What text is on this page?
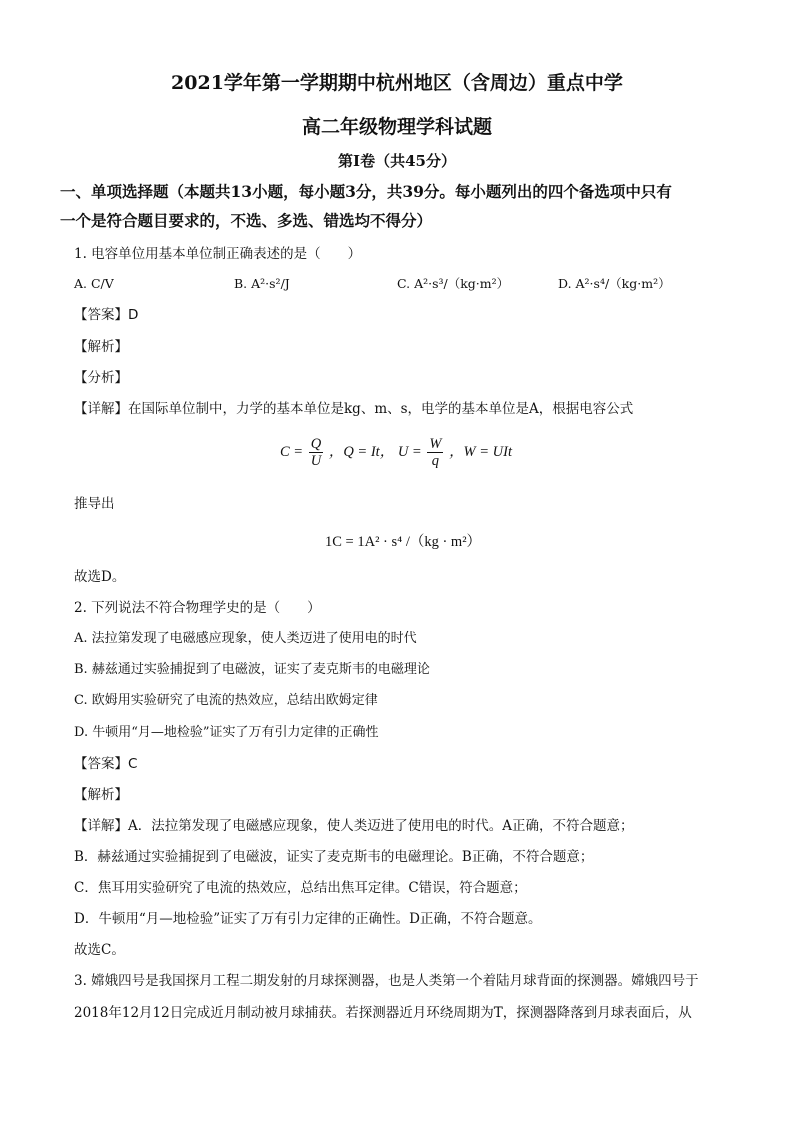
2021学年第一学期期中杭州地区（含周边）重点中学
高二年级物理学科试题
第I卷（共45分）
一、单项选择题（本题共13小题，每小题3分，共39分。每小题列出的四个备选项中只有
一个是符合题目要求的，不选、多选、错选均不得分）
1. 电容单位用基本单位制正确表述的是（　　）
A. C/V	B. A²·s²/J	C. A²·s³/（kg·m²）	D. A²·s⁴/（kg·m²）
【答案】D
【解析】
【分析】
【详解】在国际单位制中，力学的基本单位是kg、m、s，电学的基本单位是A，根据电容公式
$C = \frac{Q}{U}$ ，Q = It， $U = \frac{W}{q}$ ，W = UIt
推导出
1C = 1A² · s⁴ /（kg · m²）
故选D。
2. 下列说法不符合物理学史的是（　　）
A. 法拉第发现了电磁感应现象，使人类迈进了使用电的时代
B. 赫兹通过实验捕捉到了电磁波，证实了麦克斯韦的电磁理论
C. 欧姆用实验研究了电流的热效应，总结出欧姆定律
D. 牛顿用“月—地检验”证实了万有引力定律的正确性
【答案】C
【解析】
【详解】A．法拉第发现了电磁感应现象，使人类迈进了使用电的时代。A正确，不符合题意；
B．赫兹通过实验捕捉到了电磁波，证实了麦克斯韦的电磁理论。B正确，不符合题意；
C．焦耳用实验研究了电流的热效应，总结出焦耳定律。C错误，符合题意；
D．牛顿用“月—地检验”证实了万有引力定律的正确性。D正确，不符合题意。
故选C。
3. 嫦娥四号是我国探月工程二期发射的月球探测器，也是人类第一个着陆月球背面的探测器。嫦娥四号于
2018年12月12日完成近月制动被月球捕获。若探测器近月环绕周期为T，探测器降落到月球表面后，从
